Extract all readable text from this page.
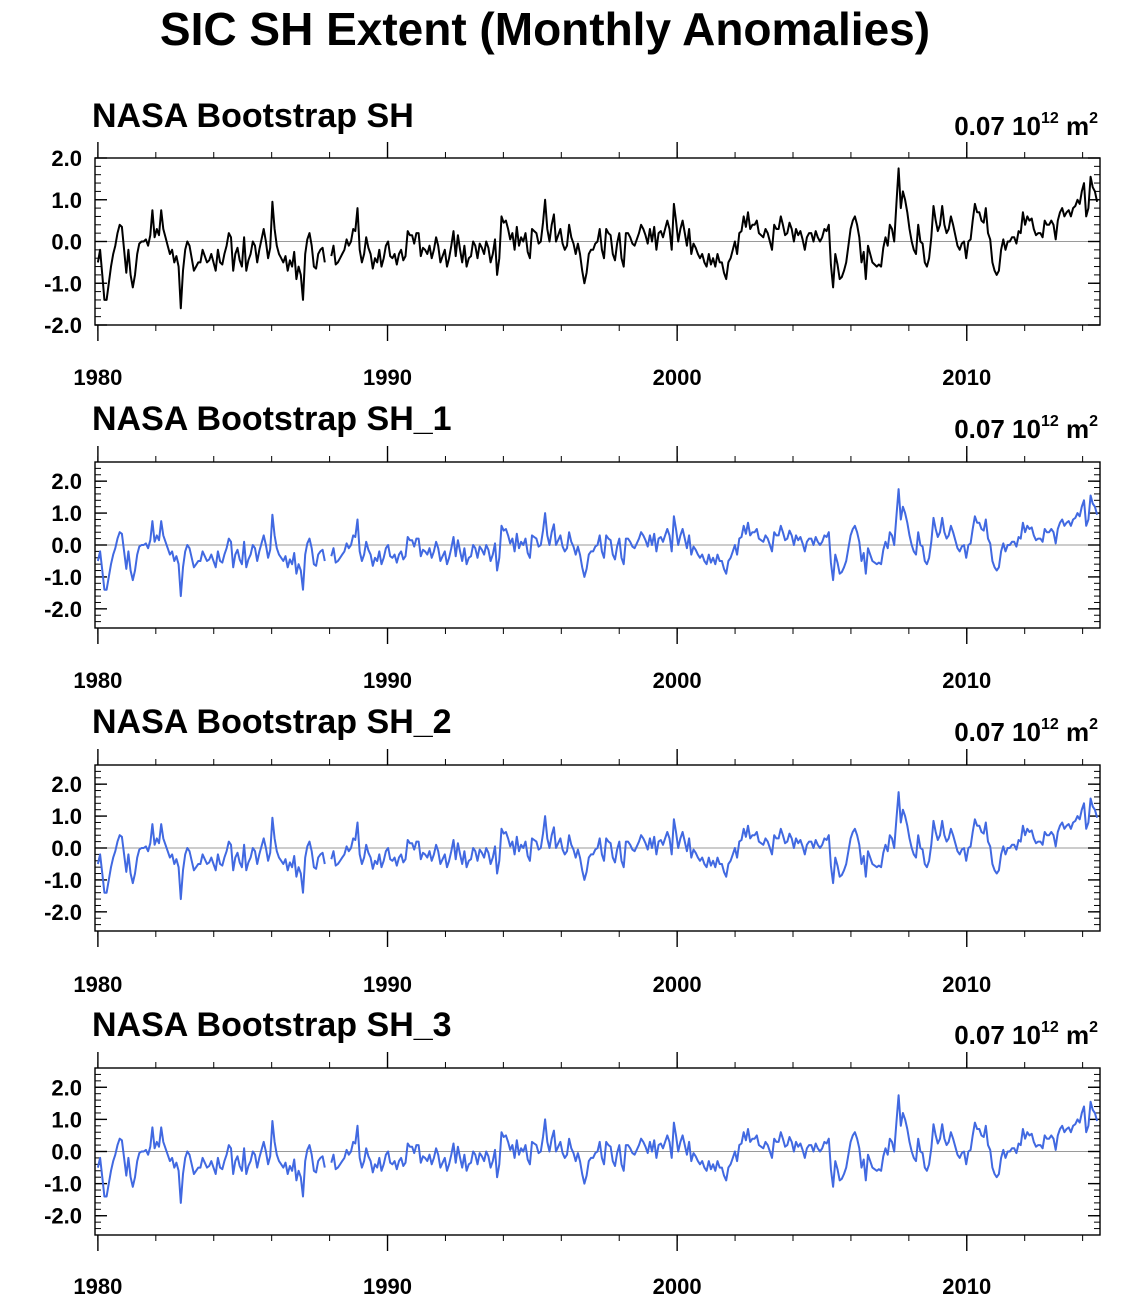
SIC SH Extent (Monthly Anomalies)
NASA Bootstrap SH	0.07 $10^{12}$ $m^2$
2.0
1.0
0.0
-1.0
-2.0
1980	1990	2000	2010
NASA Bootstrap SH_1	0.07 $10^{12}$ $m^2$
2.0
1.0
0.0
-1.0
-2.0
1980	1990	2000	2010
NASA Bootstrap SH_2	0.07 $10^{12}$ $m^2$
2.0
1.0
0.0
-1.0
-2.0
1980	1990	2000	2010
NASA Bootstrap SH_3	0.07 $10^{12}$ $m^2$
2.0
1.0
0.0
-1.0
-2.0
1980	1990	2000	2010
